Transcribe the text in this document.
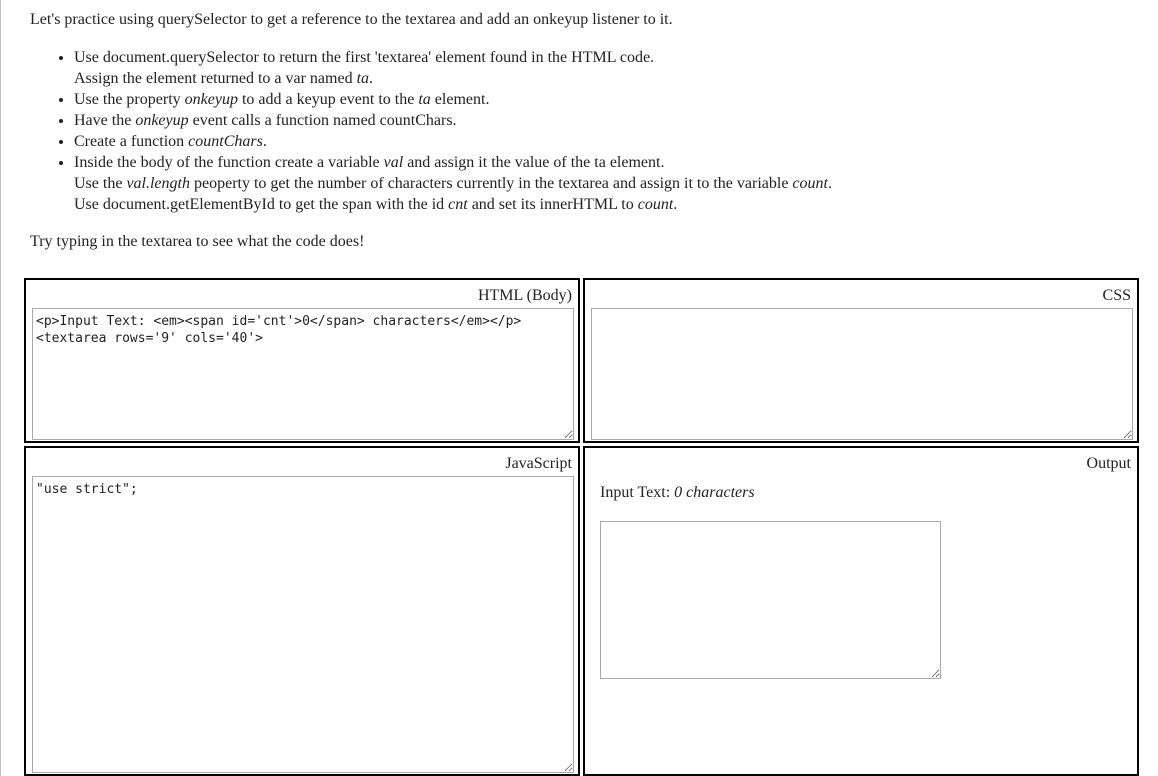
Let's practice using querySelector to get a reference to the textarea and add an onkeyup listener to it.

• Use document.querySelector to return the first 'textarea' element found in the HTML code.
Assign the element returned to a var named ta.
• Use the property onkeyup to add a keyup event to the ta element.
• Have the onkeyup event calls a function named countChars.
• Create a function countChars.
• Inside the body of the function create a variable val and assign it the value of the ta element.
Use the val.length peoperty to get the number of characters currently in the textarea and assign it to the variable count.
Use document.getElementById to get the span with the id cnt and set its innerHTML to count.

Try typing in the textarea to see what the code does!

HTML (Body)
<p>Input Text: <em><span id='cnt'>0</span> characters</em></p> <textarea rows='9' cols='40'>	CSS
JavaScript
"use strict";	Output

Input Text: 0 characters
